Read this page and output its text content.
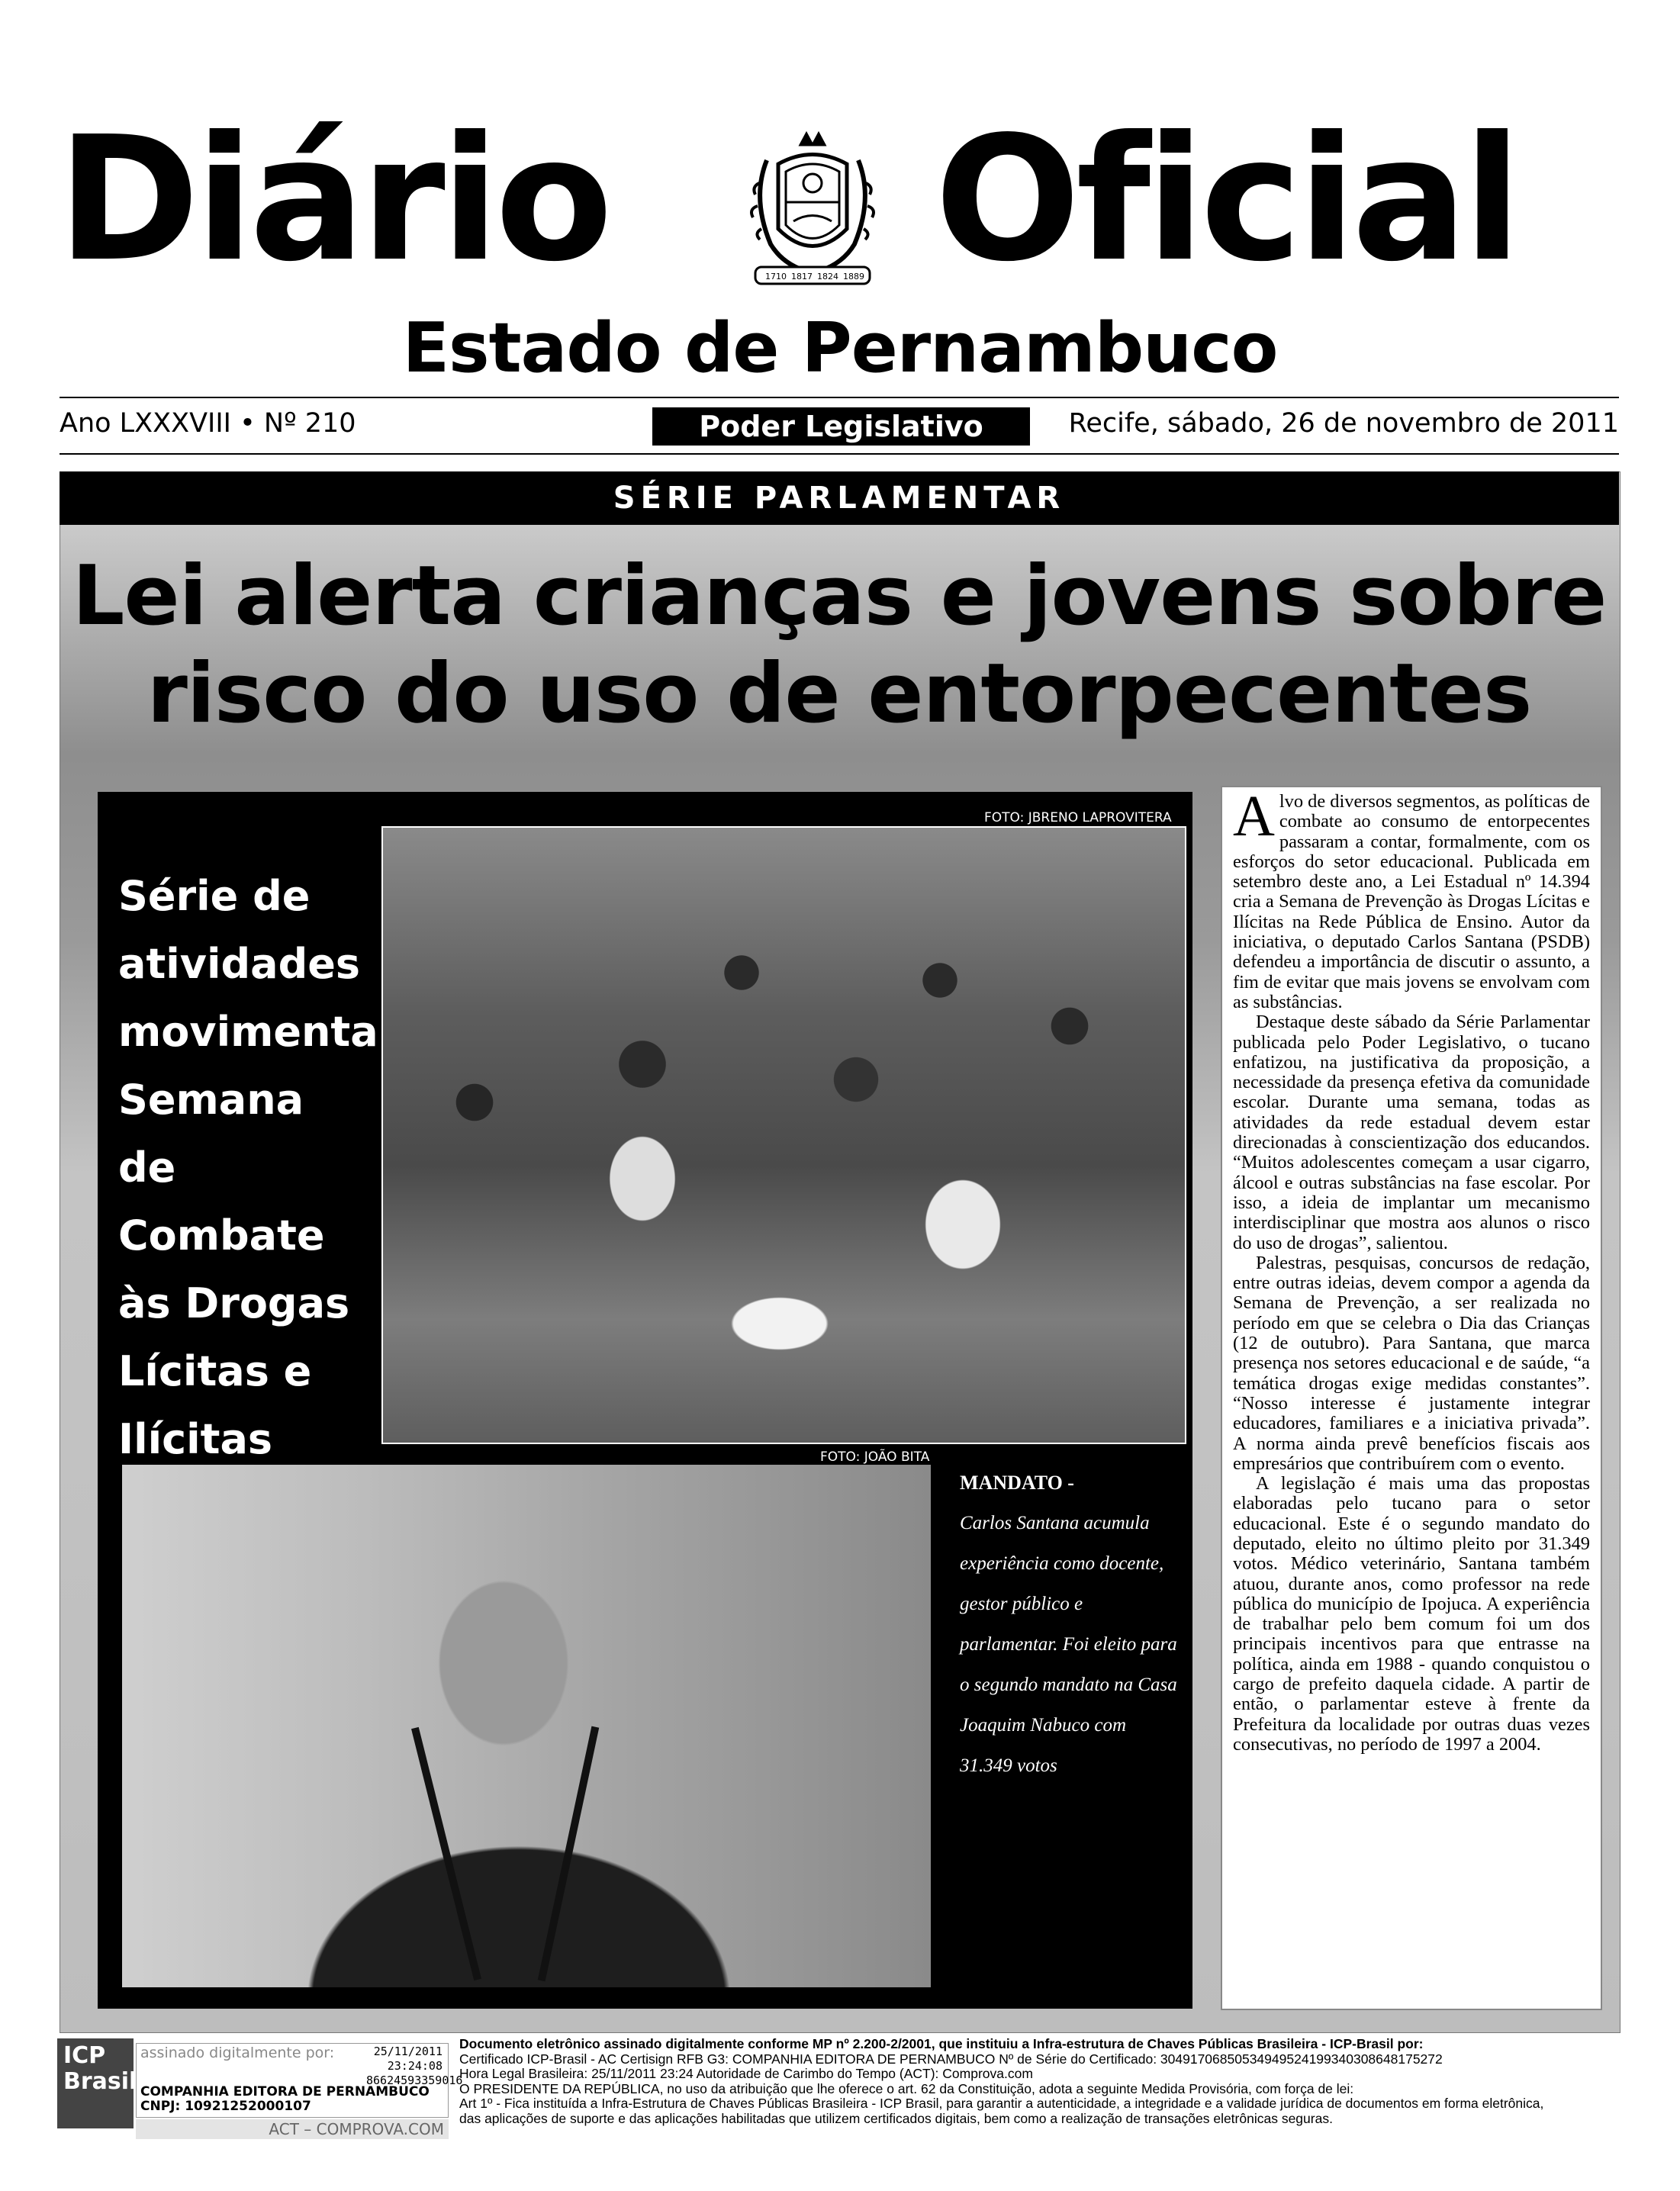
Diário	1710 1817 1824 1889 Oficial
Estado de Pernambuco
Ano LXXXVIII • Nº 210	Poder Legislativo	Recife, sábado, 26 de novembro de 2011
SÉRIE PARLAMENTAR
Lei alerta crianças e jovens sobre
risco do uso de entorpecentes
Série de atividades movimenta Semana de Combate às Drogas Lícitas e Ilícitas
FOTO: JBRENO LAPROVITERA
FOTO: JOÃO BITA
MANDATO -
Carlos Santana acumula experiência como docente, gestor público e parlamentar. Foi eleito para o segundo mandato na Casa Joaquim Nabuco com 31.349 votos

Alvo de diversos segmentos, as políticas de combate ao consumo de entorpecentes passaram a contar, formalmente, com os esforços do setor educacional. Publicada em setembro deste ano, a Lei Estadual nº 14.394 cria a Semana de Prevenção às Drogas Lícitas e Ilícitas na Rede Pública de Ensino. Autor da iniciativa, o deputado Carlos Santana (PSDB) defendeu a importância de discutir o assunto, a fim de evitar que mais jovens se envolvam com as substâncias.

Destaque deste sábado da Série Parlamentar publicada pelo Poder Legislativo, o tucano enfatizou, na justificativa da proposição, a necessidade da presença efetiva da comunidade escolar. Durante uma semana, todas as atividades da rede estadual devem estar direcionadas à conscientização dos educandos. “Muitos adolescentes começam a usar cigarro, álcool e outras substâncias na fase escolar. Por isso, a ideia de implantar um mecanismo interdisciplinar que mostra aos alunos o risco do uso de drogas”, salientou.

Palestras, pesquisas, concursos de redação, entre outras ideias, devem compor a agenda da Semana de Prevenção, a ser realizada no período em que se celebra o Dia das Crianças (12 de outubro). Para Santana, que marca presença nos setores educacional e de saúde, “a temática drogas exige medidas constantes”. “Nosso interesse é justamente integrar educadores, familiares e a iniciativa privada”. A norma ainda prevê benefícios fiscais aos empresários que contribuírem com o evento.

A legislação é mais uma das propostas elaboradas pelo tucano para o setor educacional. Este é o segundo mandato do deputado, eleito no último pleito por 31.349 votos. Médico veterinário, Santana também atuou, durante anos, como professor na rede pública do município de Ipojuca. A experiência de trabalhar pelo bem comum foi um dos principais incentivos para que entrasse na política, ainda em 1988 - quando conquistou o cargo de prefeito daquela cidade. A partir de então, o parlamentar esteve à frente da Prefeitura da localidade por outras duas vezes consecutivas, no período de 1997 a 2004.

ICP Brasil
assinado digitalmente por:	25/11/2011
23:24:08
86624593359016
COMPANHIA EDITORA DE PERNAMBUCO
CNPJ: 10921252000107
ACT – COMPROVA.COM
Documento eletrônico assinado digitalmente conforme MP nº 2.200-2/2001, que instituiu a Infra-estrutura de Chaves Públicas Brasileira - ICP-Brasil por:
Certificado ICP-Brasil - AC Certisign RFB G3: COMPANHIA EDITORA DE PERNAMBUCO Nº de Série do Certificado: 30491706850534949524199340308648175272
Hora Legal Brasileira: 25/11/2011 23:24 Autoridade de Carimbo do Tempo (ACT): Comprova.com
O PRESIDENTE DA REPÚBLICA, no uso da atribuição que lhe oferece o art. 62 da Constituição, adota a seguinte Medida Provisória, com força de lei:
Art 1º - Fica instituída a Infra-Estrutura de Chaves Públicas Brasileira - ICP Brasil, para garantir a autenticidade, a integridade e a validade jurídica de documentos em forma eletrônica,
das aplicações de suporte e das aplicações habilitadas que utilizem certificados digitais, bem como a realização de transações eletrônicas seguras.
